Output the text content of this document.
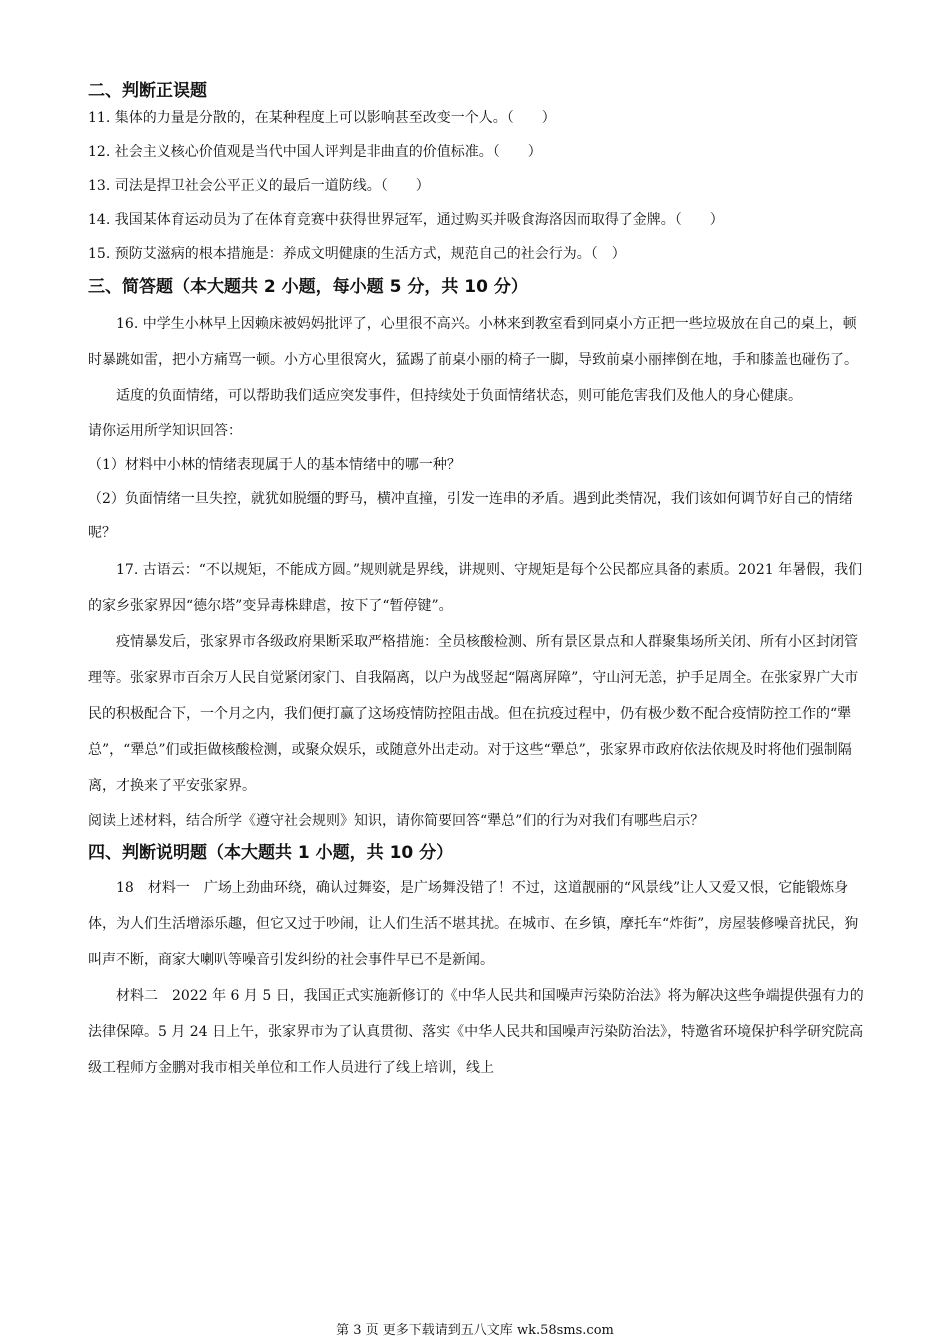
二、判断正误题

11. 集体的力量是分散的，在某种程度上可以影响甚至改变一个人。（　　）

12. 社会主义核心价值观是当代中国人评判是非曲直的价值标准。（　　）

13. 司法是捍卫社会公平正义的最后一道防线。（　　）

14. 我国某体育运动员为了在体育竞赛中获得世界冠军，通过购买并吸食海洛因而取得了金牌。（　　）

15. 预防艾滋病的根本措施是：养成文明健康的生活方式，规范自己的社会行为。（　）

三、简答题（本大题共 2 小题，每小题 5 分，共 10 分）

16. 中学生小林早上因赖床被妈妈批评了，心里很不高兴。小林来到教室看到同桌小方正把一些垃圾放在自己的桌上，顿时暴跳如雷，把小方痛骂一顿。小方心里很窝火，猛踢了前桌小丽的椅子一脚，导致前桌小丽摔倒在地，手和膝盖也碰伤了。

适度的负面情绪，可以帮助我们适应突发事件，但持续处于负面情绪状态，则可能危害我们及他人的身心健康。

请你运用所学知识回答：

（1）材料中小林的情绪表现属于人的基本情绪中的哪一种？

（2）负面情绪一旦失控，就犹如脱缰的野马，横冲直撞，引发一连串的矛盾。遇到此类情况，我们该如何调节好自己的情绪呢？

17. 古语云：“不以规矩，不能成方圆。”规则就是界线，讲规则、守规矩是每个公民都应具备的素质。2021 年暑假，我们的家乡张家界因“德尔塔”变异毒株肆虐，按下了“暂停键”。

疫情暴发后，张家界市各级政府果断采取严格措施：全员核酸检测、所有景区景点和人群聚集场所关闭、所有小区封闭管理等。张家界市百余万人民自觉紧闭家门、自我隔离，以户为战竖起“隔离屏障”，守山河无恙，护手足周全。在张家界广大市民的积极配合下，一个月之内，我们便打赢了这场疫情防控阻击战。但在抗疫过程中，仍有极少数不配合疫情防控工作的“犟总”，“犟总”们或拒做核酸检测，或聚众娱乐，或随意外出走动。对于这些“犟总”，张家界市政府依法依规及时将他们强制隔离，才换来了平安张家界。

阅读上述材料，结合所学《遵守社会规则》知识，请你简要回答“犟总”们的行为对我们有哪些启示？

四、判断说明题（本大题共 1 小题，共 10 分）

18　材料一　广场上劲曲环绕，确认过舞姿，是广场舞没错了！不过，这道靓丽的“风景线”让人又爱又恨，它能锻炼身体，为人们生活增添乐趣，但它又过于吵闹，让人们生活不堪其扰。在城市、在乡镇，摩托车“炸街”，房屋装修噪音扰民，狗叫声不断，商家大喇叭等噪音引发纠纷的社会事件早已不是新闻。

材料二　2022 年 6 月 5 日，我国正式实施新修订的《中华人民共和国噪声污染防治法》将为解决这些争端提供强有力的法律保障。5 月 24 日上午，张家界市为了认真贯彻、落实《中华人民共和国噪声污染防治法》，特邀省环境保护科学研究院高级工程师方金鹏对我市相关单位和工作人员进行了线上培训，线上

第 3 页 更多下载请到五八文库 wk.58sms.com
